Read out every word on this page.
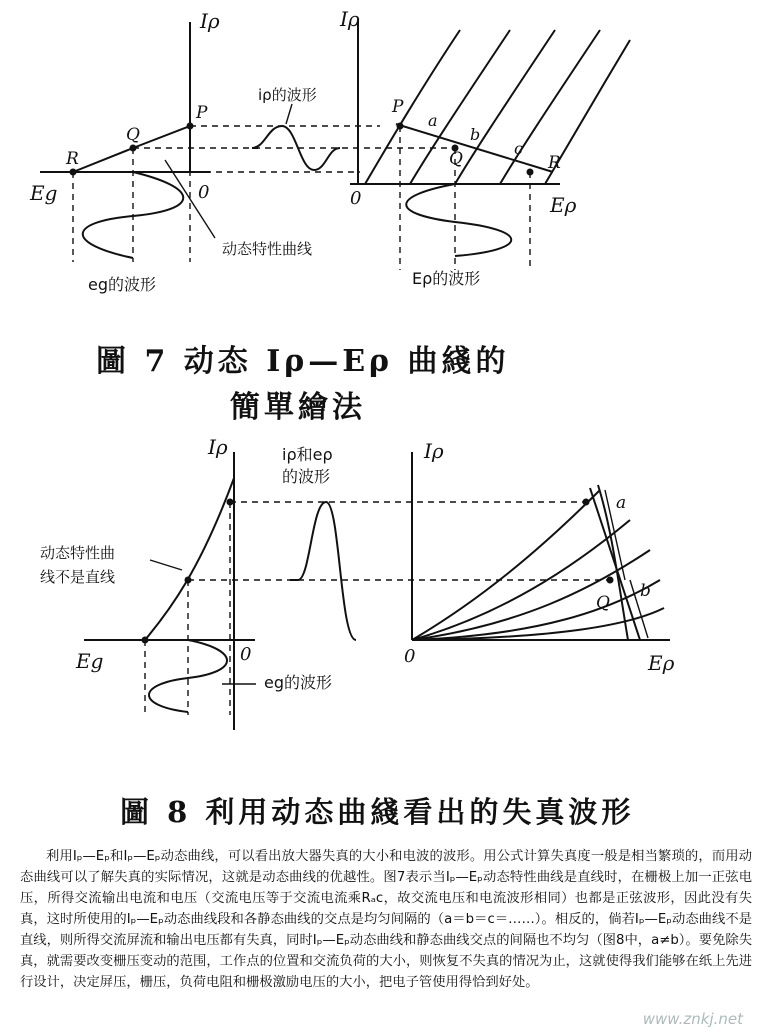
Iρ	Iρ
Eg	Eρ
0	0
P
Q
R
P
Q	R
a
b
c
iρ的波形
动态特性曲线
eg的波形	Eρ的波形
圖 7 动态 Iρ—Eρ 曲綫的
簡單繪法
Iρ	Iρ
Eg	Eρ
0	0
iρ和eρ
的波形
动态特性曲
线不是直线
eg的波形
a
b
Q
圖 8 利用动态曲綫看出的失真波形
利用Iₚ—Eₚ和Iₚ—Eₚ动态曲线，可以看出放大器失真的大小和电波的波形。用公式计算失真度一般是相当繁琐的，而用动态曲线可以了解失真的实际情况，这就是动态曲线的优越性。图7表示当Iₚ—Eₚ动态特性曲线是直线时，在栅极上加一正弦电压，所得交流输出电流和电压（交流电压等于交流电流乘Rₐc，故交流电压和电流波形相同）也都是正弦波形，因此没有失真，这时所使用的Iₚ—Eₚ动态曲线段和各静态曲线的交点是均匀间隔的（a＝b＝c＝……）。相反的，倘若Iₚ—Eₚ动态曲线不是直线，则所得交流屏流和输出电压都有失真，同时Iₚ—Eₚ动态曲线和静态曲线交点的间隔也不均匀（图8中，a≠b）。要免除失真，就需要改变栅压变动的范围，工作点的位置和交流负荷的大小，则恢复不失真的情况为止，这就使得我们能够在纸上先进行设计，决定屏压，栅压，负荷电阻和栅极激励电压的大小，把电子管使用得恰到好处。
www.znkj.net
